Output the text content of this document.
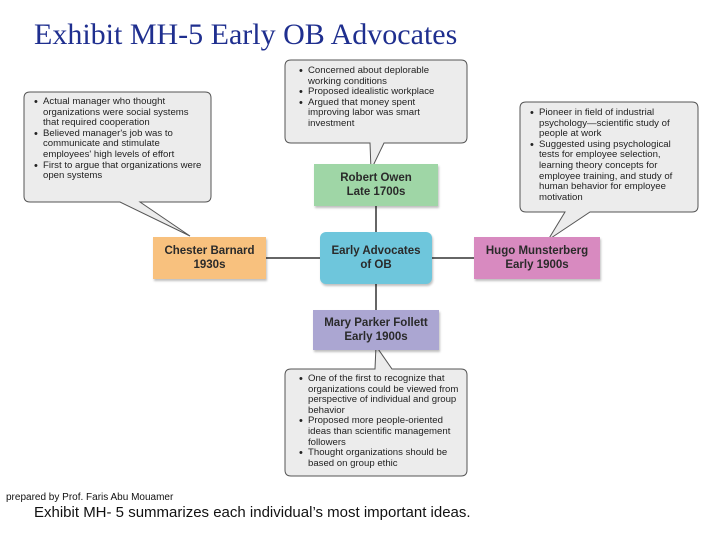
Exhibit MH-5 Early OB Advocates
Robert Owen
Late 1700s
Early Advocates
of OB
Chester Barnard
1930s
Hugo Munsterberg
Early 1900s
Mary Parker Follett
Early 1900s
• Concerned about deplorable working conditions
• Proposed idealistic workplace
• Argued that money spent improving labor was smart investment
• Actual manager who thought organizations were social systems that required cooperation
• Believed manager's job was to communicate and stimulate employees' high levels of effort
• First to argue that organizations were open systems
• Pioneer in field of industrial psychology—scientific study of people at work
• Suggested using psychological tests for employee selection, learning theory concepts for employee training, and study of human behavior for employee motivation
• One of the first to recognize that organizations could be viewed from perspective of individual and group behavior
• Proposed more people-oriented ideas than scientific management followers
• Thought organizations should be based on group ethic
prepared by Prof. Faris Abu Mouamer
Exhibit MH- 5 summarizes each individual’s most important ideas.
